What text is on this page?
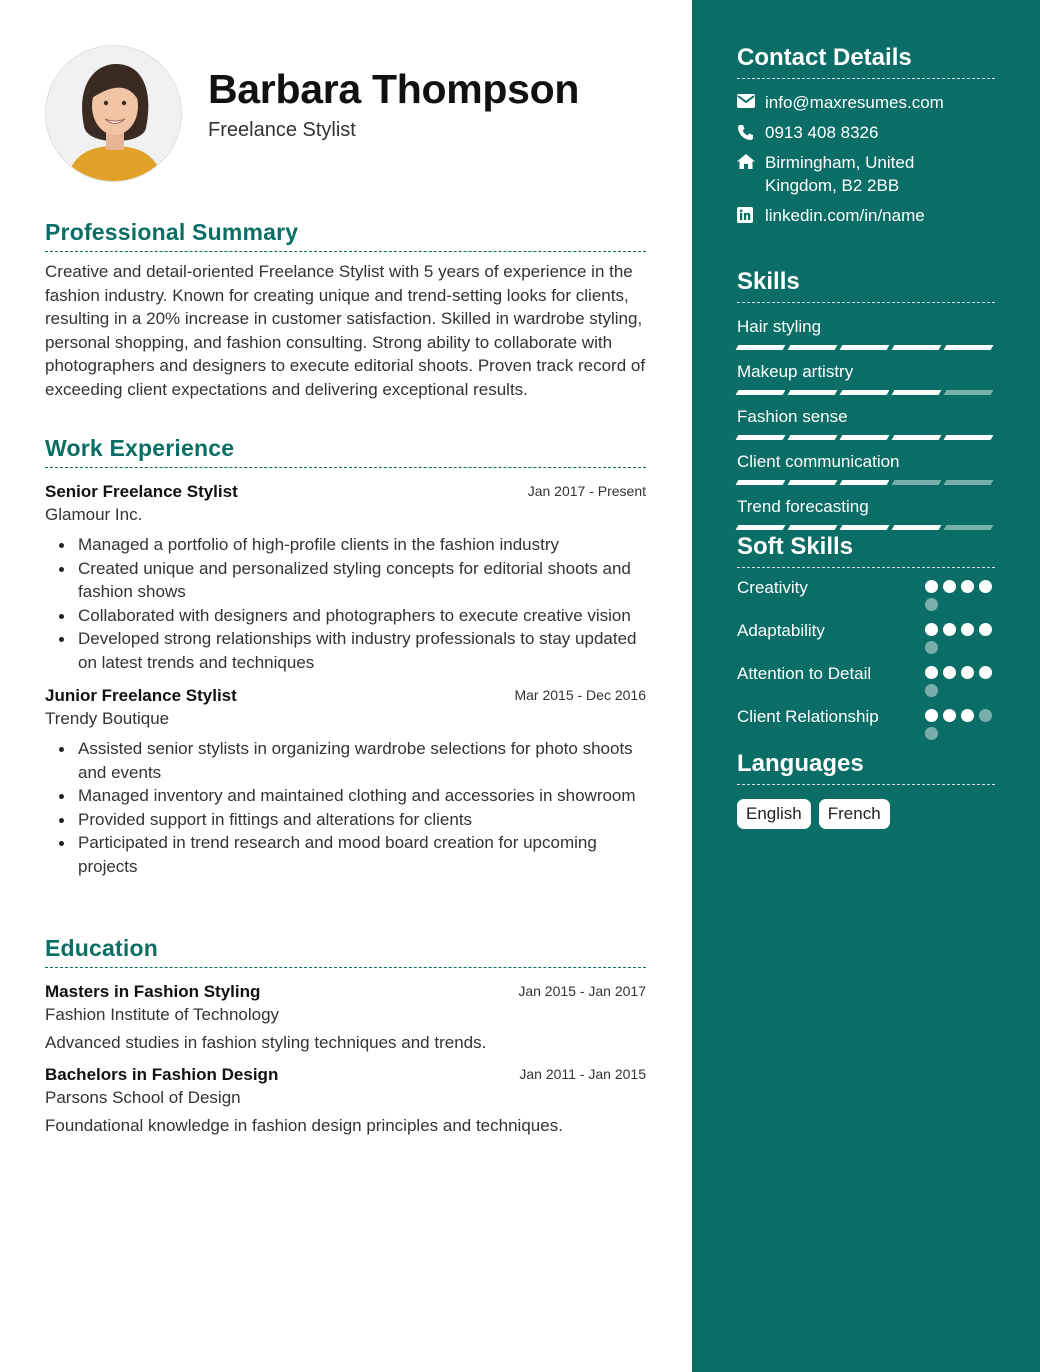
Barbara Thompson
Freelance Stylist
Professional Summary
Creative and detail-oriented Freelance Stylist with 5 years of experience in the fashion industry. Known for creating unique and trend-setting looks for clients, resulting in a 20% increase in customer satisfaction. Skilled in wardrobe styling, personal shopping, and fashion consulting. Strong ability to collaborate with photographers and designers to execute editorial shoots. Proven track record of exceeding client expectations and delivering exceptional results.
Work Experience
Senior Freelance Stylist	Jan 2017 - Present
Glamour Inc.
Managed a portfolio of high-profile clients in the fashion industry
Created unique and personalized styling concepts for editorial shoots and fashion shows
Collaborated with designers and photographers to execute creative vision
Developed strong relationships with industry professionals to stay updated on latest trends and techniques
Junior Freelance Stylist	Mar 2015 - Dec 2016
Trendy Boutique
Assisted senior stylists in organizing wardrobe selections for photo shoots and events
Managed inventory and maintained clothing and accessories in showroom
Provided support in fittings and alterations for clients
Participated in trend research and mood board creation for upcoming projects
Education
Masters in Fashion Styling	Jan 2015 - Jan 2017
Fashion Institute of Technology
Advanced studies in fashion styling techniques and trends.
Bachelors in Fashion Design	Jan 2011 - Jan 2015
Parsons School of Design
Foundational knowledge in fashion design principles and techniques.
Contact Details
info@maxresumes.com
0913 408 8326
Birmingham, United Kingdom, B2 2BB
linkedin.com/in/name
Skills
Hair styling
Makeup artistry
Fashion sense
Client communication
Trend forecasting
Soft Skills
Creativity
Adaptability
Attention to Detail
Client Relationship
Languages
English	French
